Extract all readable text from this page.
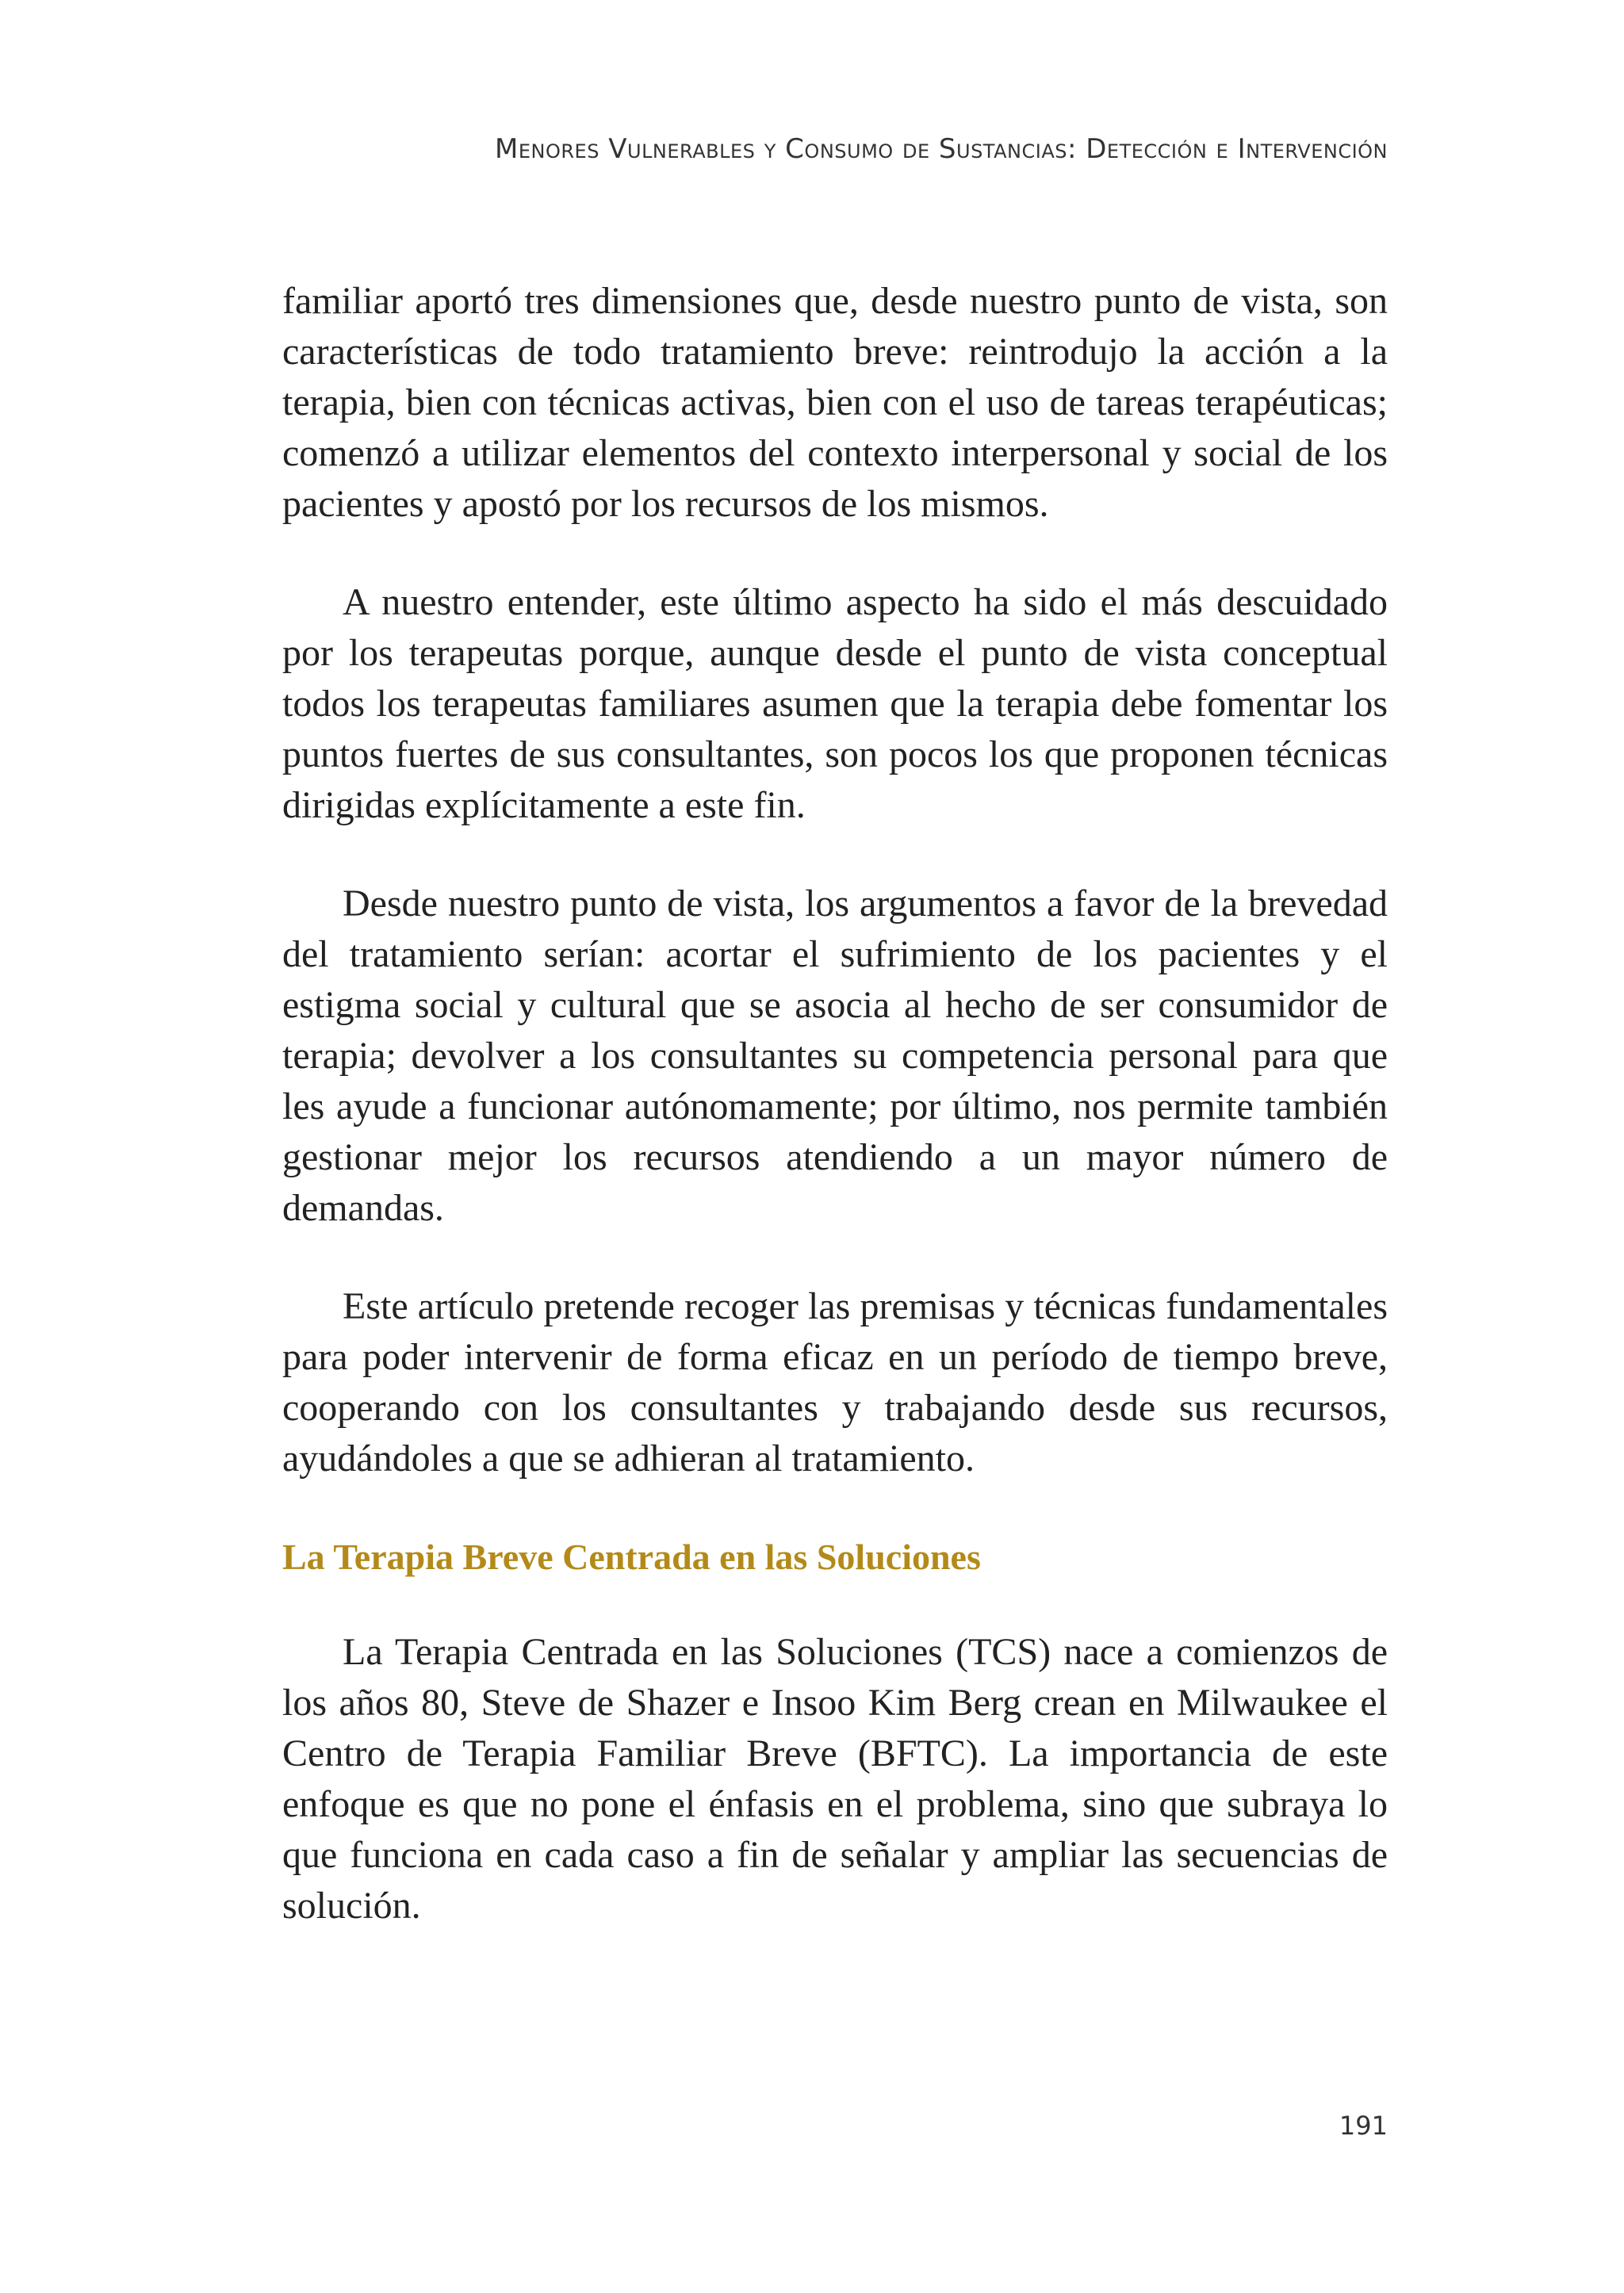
Menores Vulnerables y Consumo de Sustancias: Detección e Intervención

familiar aportó tres dimensiones que, desde nuestro punto de vista, son características de todo tratamiento breve: reintrodujo la acción a la terapia, bien con técnicas activas, bien con el uso de tareas terapéuticas; comenzó a utilizar elementos del contexto interpersonal y social de los pacientes y apostó por los recursos de los mismos.

A nuestro entender, este último aspecto ha sido el más descuidado por los terapeutas porque, aunque desde el punto de vista conceptual todos los terapeutas familiares asumen que la terapia debe fomentar los puntos fuertes de sus consultantes, son pocos los que proponen técnicas dirigidas explícitamente a este fin.

Desde nuestro punto de vista, los argumentos a favor de la brevedad del tratamiento serían: acortar el sufrimiento de los pacientes y el estigma social y cultural que se asocia al hecho de ser consumidor de terapia; devolver a los consultantes su competencia personal para que les ayude a funcionar autónomamente; por último, nos permite también gestionar mejor los recursos atendiendo a un mayor número de demandas.

Este artículo pretende recoger las premisas y técnicas fundamentales para poder intervenir de forma eficaz en un período de tiempo breve, cooperando con los consultantes y trabajando desde sus recursos, ayudándoles a que se adhieran al tratamiento.

La Terapia Breve Centrada en las Soluciones

La Terapia Centrada en las Soluciones (TCS) nace a comienzos de los años 80, Steve de Shazer e Insoo Kim Berg crean en Milwaukee el Centro de Terapia Familiar Breve (BFTC). La importancia de este enfoque es que no pone el énfasis en el problema, sino que subraya lo que funciona en cada caso a fin de señalar y ampliar las secuencias de solución.

191
